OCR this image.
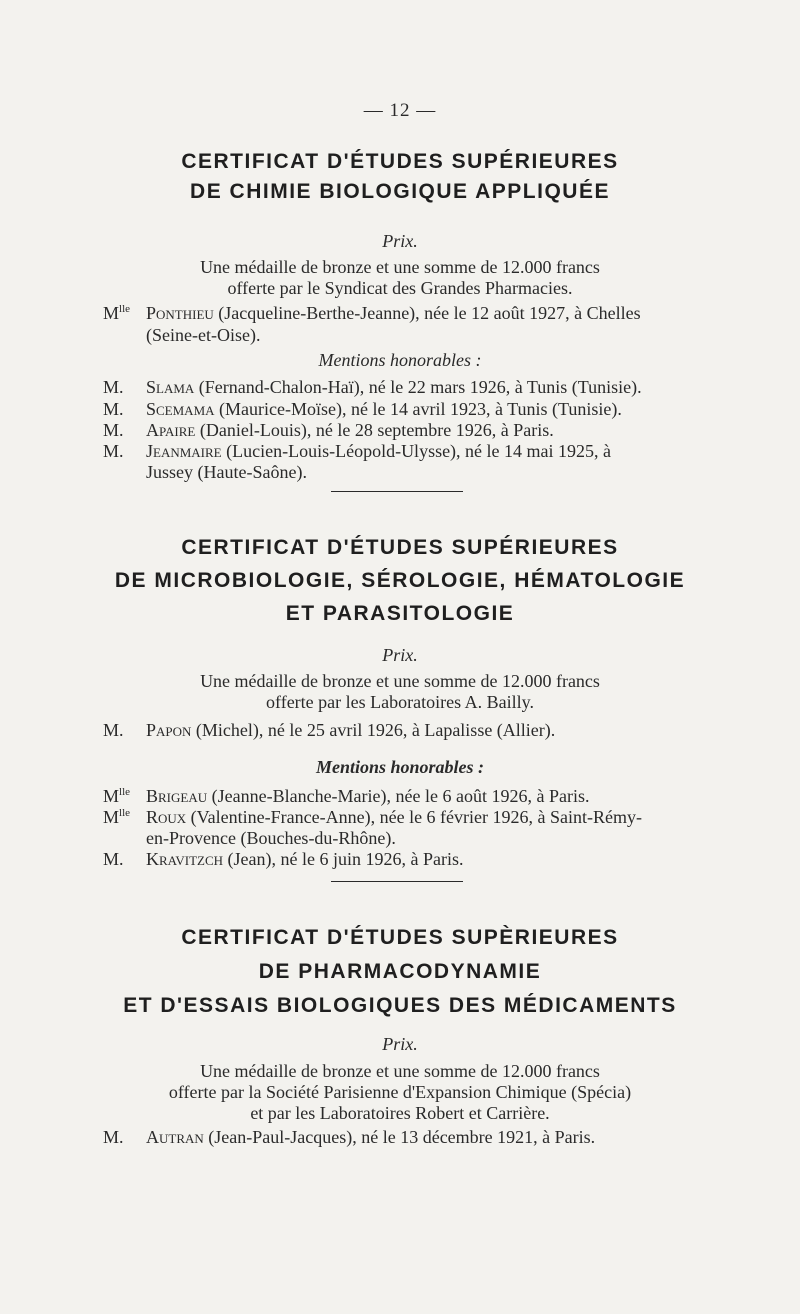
— 12 —
CERTIFICAT D'ÉTUDES SUPÉRIEURES
DE CHIMIE BIOLOGIQUE APPLIQUÉE
Prix.
Une médaille de bronze et une somme de 12.000 francs
offerte par le Syndicat des Grandes Pharmacies.
$M^{lle}$ Ponthieu (Jacqueline-Berthe-Jeanne), née le 12 août 1927, à Chelles
(Seine-et-Oise).
Mentions honorables :
M. Slama (Fernand-Chalon-Haï), né le 22 mars 1926, à Tunis (Tunisie).
M. Scemama (Maurice-Moïse), né le 14 avril 1923, à Tunis (Tunisie).
M. Apaire (Daniel-Louis), né le 28 septembre 1926, à Paris.
M. Jeanmaire (Lucien-Louis-Léopold-Ulysse), né le 14 mai 1925, à
Jussey (Haute-Saône).
CERTIFICAT D'ÉTUDES SUPÉRIEURES
DE MICROBIOLOGIE, SÉROLOGIE, HÉMATOLOGIE
ET PARASITOLOGIE
Prix.
Une médaille de bronze et une somme de 12.000 francs
offerte par les Laboratoires A. Bailly.
M. Papon (Michel), né le 25 avril 1926, à Lapalisse (Allier).
Mentions honorables :
$M^{lle}$ Brigeau (Jeanne-Blanche-Marie), née le 6 août 1926, à Paris.
$M^{lle}$ Roux (Valentine-France-Anne), née le 6 février 1926, à Saint-Rémy-
en-Provence (Bouches-du-Rhône).
M. Kravitzch (Jean), né le 6 juin 1926, à Paris.
CERTIFICAT D'ÉTUDES SUPÈRIEURES
DE PHARMACODYNAMIE
ET D'ESSAIS BIOLOGIQUES DES MÉDICAMENTS
Prix.
Une médaille de bronze et une somme de 12.000 francs
offerte par la Société Parisienne d'Expansion Chimique (Spécia)
et par les Laboratoires Robert et Carrière.
M. Autran (Jean-Paul-Jacques), né le 13 décembre 1921, à Paris.
